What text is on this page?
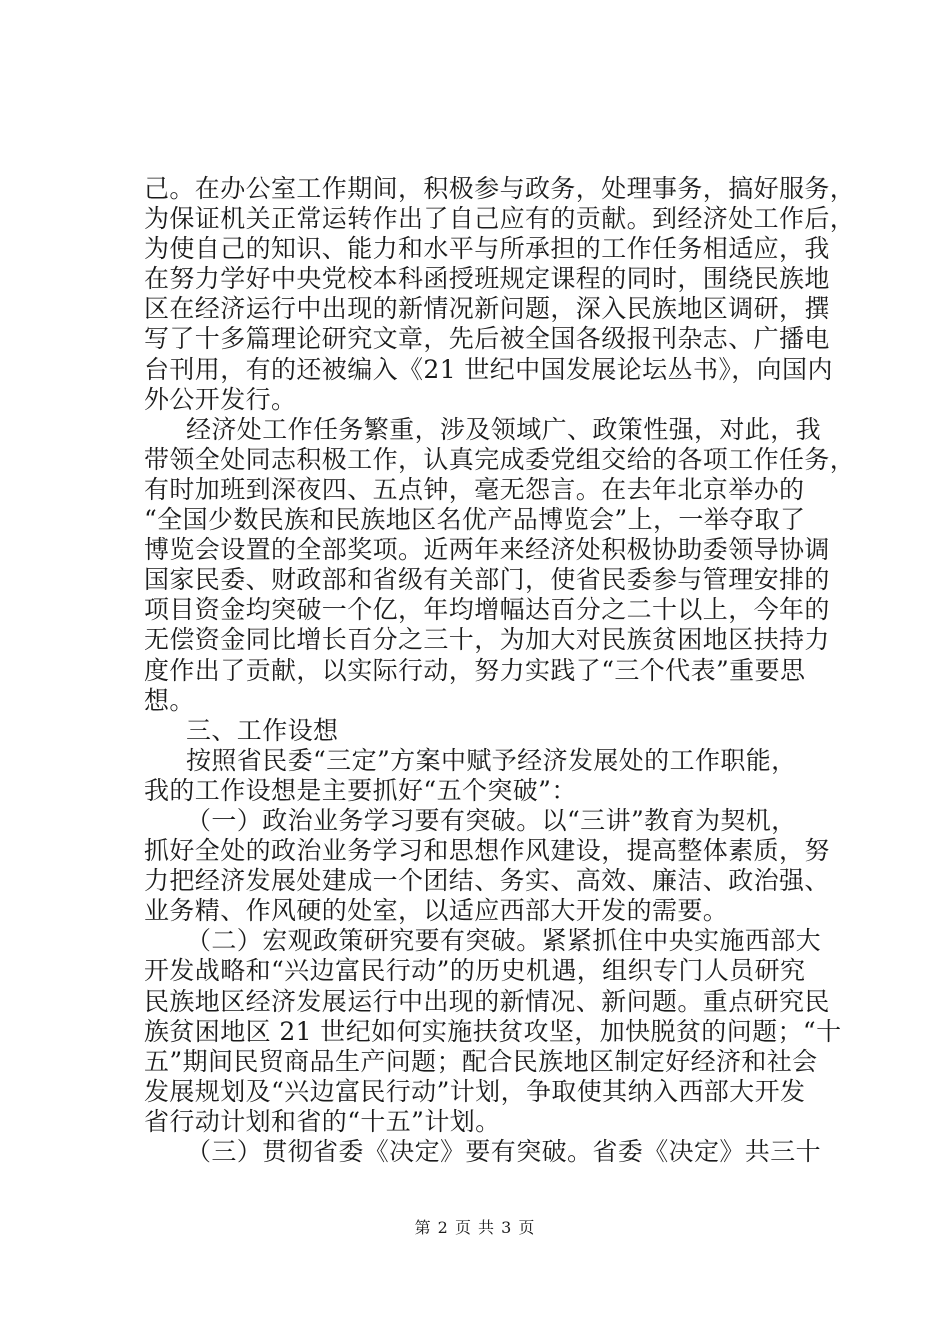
己。在办公室工作期间，积极参与政务，处理事务，搞好服务，
为保证机关正常运转作出了自己应有的贡献。到经济处工作后，
为使自己的知识、能力和水平与所承担的工作任务相适应，我
在努力学好中央党校本科函授班规定课程的同时，围绕民族地
区在经济运行中出现的新情况新问题，深入民族地区调研，撰
写了十多篇理论研究文章，先后被全国各级报刊杂志、广播电
台刊用，有的还被编入《21 世纪中国发展论坛丛书》，向国内
外公开发行。
经济处工作任务繁重，涉及领域广、政策性强，对此，我
带领全处同志积极工作，认真完成委党组交给的各项工作任务，
有时加班到深夜四、五点钟，毫无怨言。在去年北京举办的
“全国少数民族和民族地区名优产品博览会”上，一举夺取了
博览会设置的全部奖项。近两年来经济处积极协助委领导协调
国家民委、财政部和省级有关部门，使省民委参与管理安排的
项目资金均突破一个亿，年均增幅达百分之二十以上，今年的
无偿资金同比增长百分之三十，为加大对民族贫困地区扶持力
度作出了贡献，以实际行动，努力实践了“三个代表”重要思
想。
三、工作设想
按照省民委“三定”方案中赋予经济发展处的工作职能，
我的工作设想是主要抓好“五个突破”：
（一）政治业务学习要有突破。以“三讲”教育为契机，
抓好全处的政治业务学习和思想作风建设，提高整体素质，努
力把经济发展处建成一个团结、务实、高效、廉洁、政治强、
业务精、作风硬的处室，以适应西部大开发的需要。
（二）宏观政策研究要有突破。紧紧抓住中央实施西部大
开发战略和“兴边富民行动”的历史机遇，组织专门人员研究
民族地区经济发展运行中出现的新情况、新问题。重点研究民
族贫困地区 21 世纪如何实施扶贫攻坚，加快脱贫的问题；“十
五”期间民贸商品生产问题；配合民族地区制定好经济和社会
发展规划及“兴边富民行动”计划，争取使其纳入西部大开发
省行动计划和省的“十五”计划。
（三）贯彻省委《决定》要有突破。省委《决定》共三十
第 2 页 共 3 页
